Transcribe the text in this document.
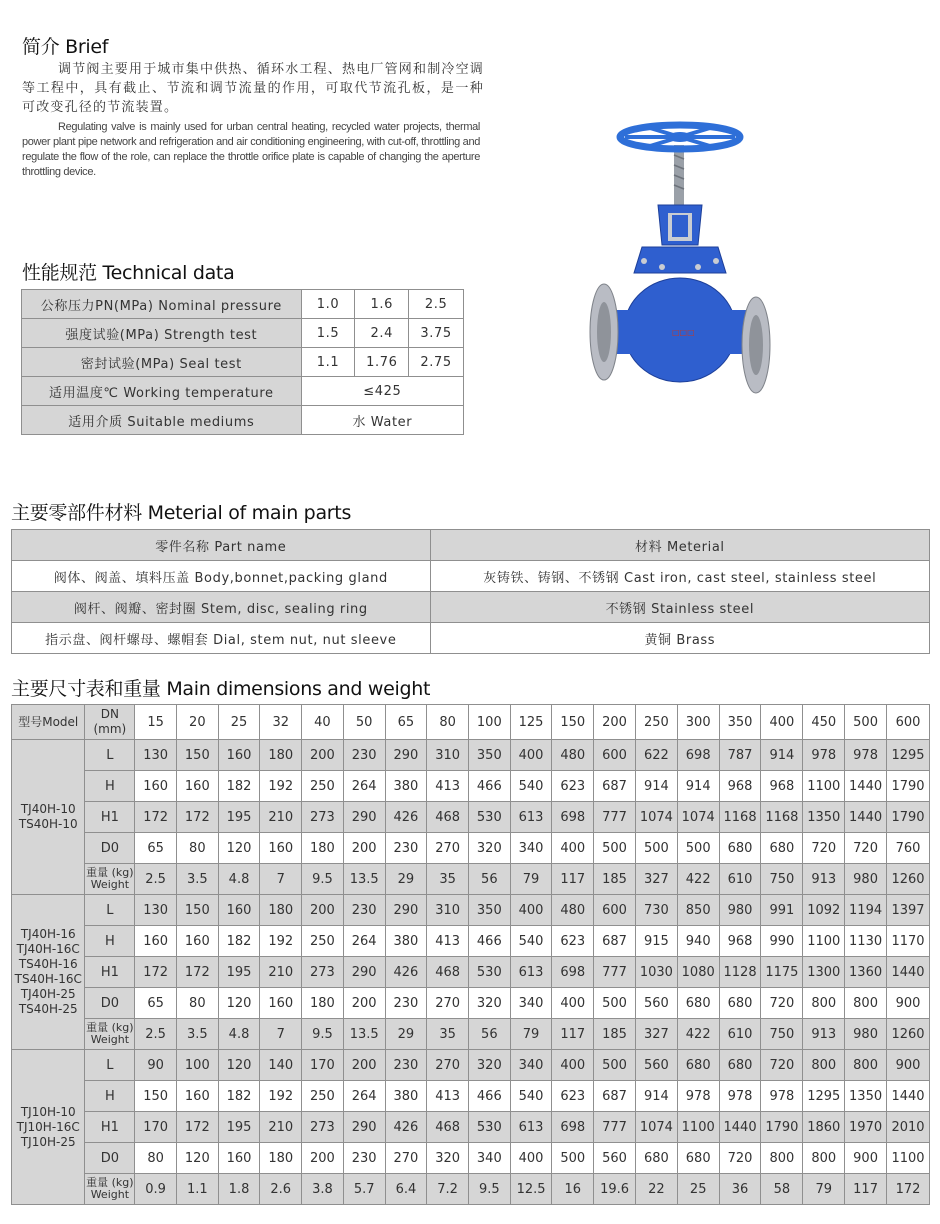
简介 Brief
调节阀主要用于城市集中供热、循环水工程、热电厂管网和制冷空调等工程中，具有截止、节流和调节流量的作用，可取代节流孔板，是一种可改变孔径的节流装置。
Regulating valve is mainly used for urban central heating, recycled water projects, thermal power plant pipe network and refrigeration and air conditioning engineering, with cut-off, throttling and regulate the flow of the role, can replace the throttle orifice plate is capable of changing the aperture throttling device.
□□□
性能规范 Technical data
公称压力PN(MPa) Nominal pressure	1.0	1.6	2.5
强度试验(MPa) Strength test	1.5	2.4	3.75
密封试验(MPa) Seal test	1.1	1.76	2.75
适用温度℃ Working temperature	≤425		
适用介质 Suitable mediums	水 Water		
主要零部件材料 Meterial of main parts
零件名称 Part name	材料 Meterial
阀体、阀盖、填料压盖 Body,bonnet,packing gland	灰铸铁、铸钢、不锈钢 Cast iron, cast steel, stainless steel
阀杆、阀瓣、密封圈 Stem, disc, sealing ring	不锈钢 Stainless steel
指示盘、阀杆螺母、螺帽套 Dial, stem nut, nut sleeve	黄铜 Brass
主要尺寸表和重量 Main dimensions and weight
型号Model	DN (mm)	15	20	25	32	40	50	65	80	100	125	150	200	250	300	350	400	450	500	600
TJ40H-10 TS40H-10	L	130	150	160	180	200	230	290	310	350	400	480	600	622	698	787	914	978	978	1295
	H	160	160	182	192	250	264	380	413	466	540	623	687	914	914	968	968	1100	1440	1790
	H1	172	172	195	210	273	290	426	468	530	613	698	777	1074	1074	1168	1168	1350	1440	1790
	D0	65	80	120	160	180	200	230	270	320	340	400	500	500	500	680	680	720	720	760
	重量 (kg) Weight	2.5	3.5	4.8	7	9.5	13.5	29	35	56	79	117	185	327	422	610	750	913	980	1260
TJ40H-16 TJ40H-16C TS40H-16 TS40H-16C TJ40H-25 TS40H-25	L	130	150	160	180	200	230	290	310	350	400	480	600	730	850	980	991	1092	1194	1397
	H	160	160	182	192	250	264	380	413	466	540	623	687	915	940	968	990	1100	1130	1170
	H1	172	172	195	210	273	290	426	468	530	613	698	777	1030	1080	1128	1175	1300	1360	1440
	D0	65	80	120	160	180	200	230	270	320	340	400	500	560	680	680	720	800	800	900
	重量 (kg) Weight	2.5	3.5	4.8	7	9.5	13.5	29	35	56	79	117	185	327	422	610	750	913	980	1260
TJ10H-10 TJ10H-16C TJ10H-25	L	90	100	120	140	170	200	230	270	320	340	400	500	560	680	680	720	800	800	900
	H	150	160	182	192	250	264	380	413	466	540	623	687	914	978	978	978	1295	1350	1440
	H1	170	172	195	210	273	290	426	468	530	613	698	777	1074	1100	1440	1790	1860	1970	2010
	D0	80	120	160	180	200	230	270	320	340	400	500	560	680	680	720	800	800	900	1100
	重量 (kg) Weight	0.9	1.1	1.8	2.6	3.8	5.7	6.4	7.2	9.5	12.5	16	19.6	22	25	36	58	79	117	172
